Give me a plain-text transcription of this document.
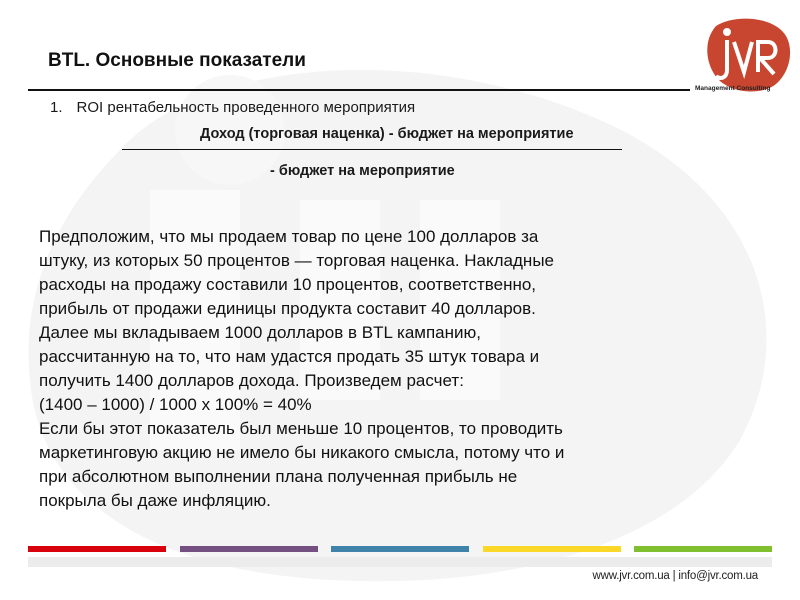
BTL. Основные показатели
Management Consulting
1. ROI рентабельность проведенного мероприятия
Доход (торговая наценка) - бюджет на мероприятие
- бюджет на мероприятие
Предположим, что мы продаем товар по цене 100 долларов за
штуку, из которых 50 процентов — торговая наценка. Накладные
расходы на продажу составили 10 процентов, соответственно,
прибыль от продажи единицы продукта составит 40 долларов.
Далее мы вкладываем 1000 долларов в BTL кампанию,
рассчитанную на то, что нам удастся продать 35 штук товара и
получить 1400 долларов дохода. Произведем расчет:
(1400 – 1000) / 1000 x 100% = 40%
Если бы этот показатель был меньше 10 процентов, то проводить
маркетинговую акцию не имело бы никакого смысла, потому что и
при абсолютном выполнении плана полученная прибыль не
покрыла бы даже инфляцию.
www.jvr.com.ua | info@jvr.com.ua
